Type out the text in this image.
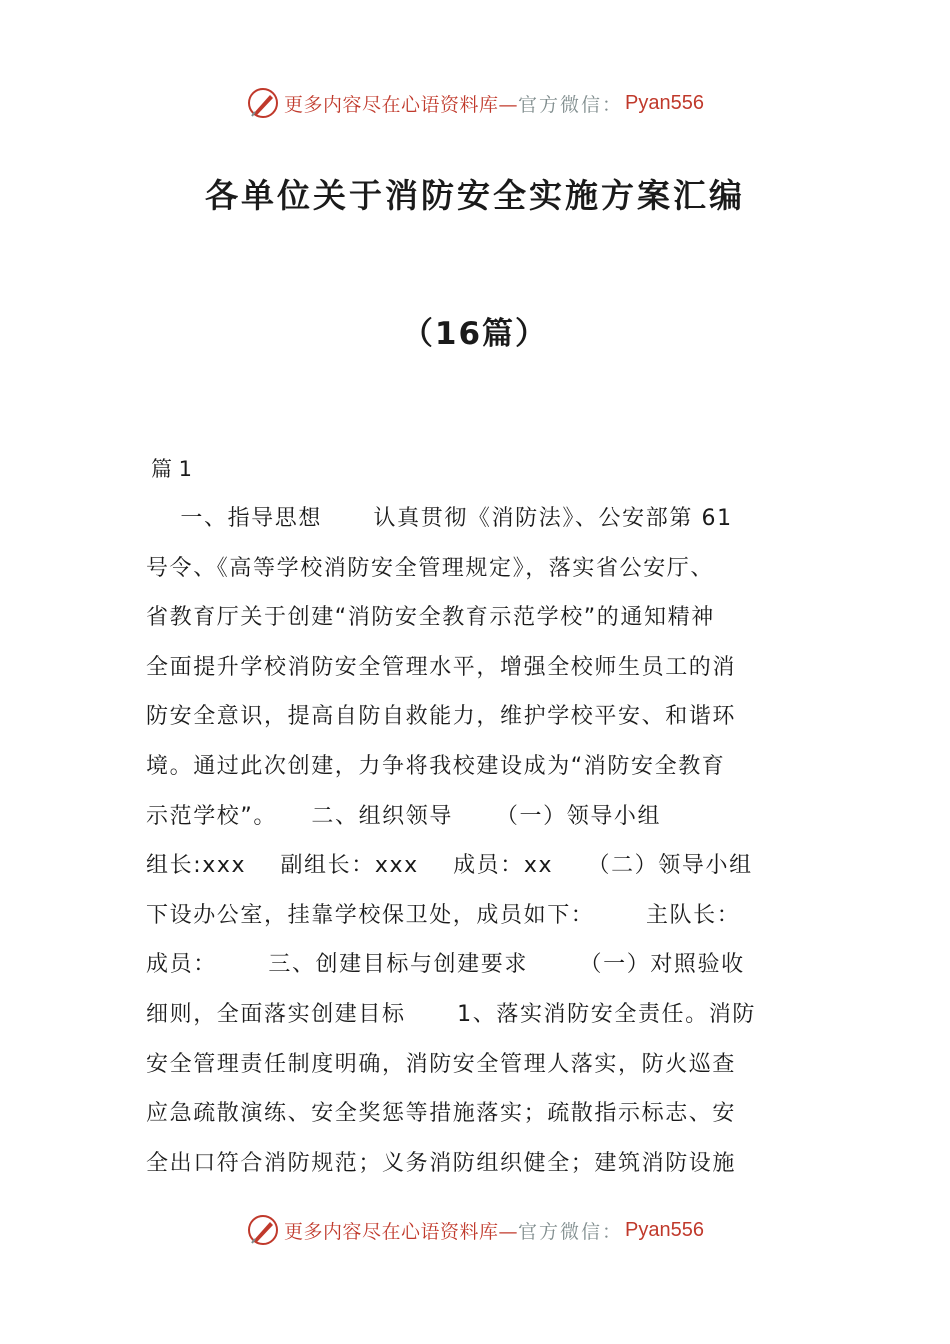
更多内容尽在心语资料库— 官方微信： Pyan556
各单位关于消防安全实施方案汇编
（16篇）
篇 1
一、指导思想      认真贯彻《消防法》、公安部第 61
号令、《高等学校消防安全管理规定》，落实省公安厅、
省教育厅关于创建“消防安全教育示范学校”的通知精神
全面提升学校消防安全管理水平，增强全校师生员工的消
防安全意识，提高自防自救能力，维护学校平安、和谐环
境。通过此次创建，力争将我校建设成为“消防安全教育
示范学校”。    二、组织领导     （一）领导小组
组长:xxx    副组长：xxx    成员：xx    （二）领导小组
下设办公室，挂靠学校保卫处，成员如下：      主队长：
成员：      三、创建目标与创建要求      （一）对照验收
细则，全面落实创建目标      1、落实消防安全责任。消防
安全管理责任制度明确，消防安全管理人落实，防火巡查
应急疏散演练、安全奖惩等措施落实；疏散指示标志、安
全出口符合消防规范；义务消防组织健全；建筑消防设施
更多内容尽在心语资料库— 官方微信： Pyan556
